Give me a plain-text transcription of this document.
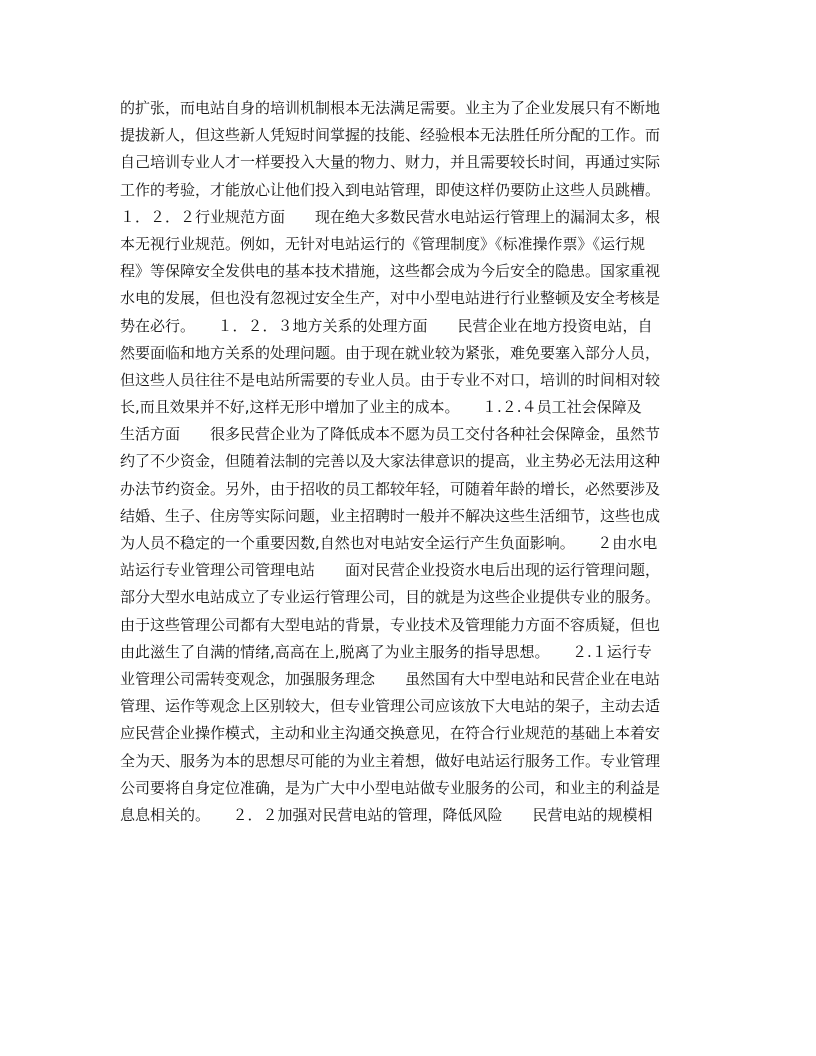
的扩张，而电站自身的培训机制根本无法满足需要。业主为了企业发展只有不断地
提拔新人，但这些新人凭短时间掌握的技能、经验根本无法胜任所分配的工作。而
自己培训专业人才一样要投入大量的物力、财力，并且需要较长时间，再通过实际
工作的考验，才能放心让他们投入到电站管理，即使这样仍要防止这些人员跳槽。
１．２．２行业规范方面　　现在绝大多数民营水电站运行管理上的漏洞太多，根
本无视行业规范。例如，无针对电站运行的《管理制度》《标准操作票》《运行规
程》等保障安全发供电的基本技术措施，这些都会成为今后安全的隐患。国家重视
水电的发展，但也没有忽视过安全生产，对中小型电站进行行业整顿及安全考核是
势在必行。　　１．２．３地方关系的处理方面　　民营企业在地方投资电站，自
然要面临和地方关系的处理问题。由于现在就业较为紧张，难免要塞入部分人员，
但这些人员往往不是电站所需要的专业人员。由于专业不对口，培训的时间相对较
长,而且效果并不好,这样无形中增加了业主的成本。　　１.２.４员工社会保障及
生活方面　　很多民营企业为了降低成本不愿为员工交付各种社会保障金，虽然节
约了不少资金，但随着法制的完善以及大家法律意识的提高，业主势必无法用这种
办法节约资金。另外，由于招收的员工都较年轻，可随着年龄的增长，必然要涉及
结婚、生子、住房等实际问题，业主招聘时一般并不解决这些生活细节，这些也成
为人员不稳定的一个重要因数,自然也对电站安全运行产生负面影响。　　２由水电
站运行专业管理公司管理电站　　面对民营企业投资水电后出现的运行管理问题，
部分大型水电站成立了专业运行管理公司，目的就是为这些企业提供专业的服务。
由于这些管理公司都有大型电站的背景，专业技术及管理能力方面不容质疑，但也
由此滋生了自满的情绪,高高在上,脱离了为业主服务的指导思想。　　２.１运行专
业管理公司需转变观念，加强服务理念　　虽然国有大中型电站和民营企业在电站
管理、运作等观念上区别较大，但专业管理公司应该放下大电站的架子，主动去适
应民营企业操作模式，主动和业主沟通交换意见，在符合行业规范的基础上本着安
全为天、服务为本的思想尽可能的为业主着想，做好电站运行服务工作。专业管理
公司要将自身定位准确，是为广大中小型电站做专业服务的公司，和业主的利益是
息息相关的。　　２．２加强对民营电站的管理，降低风险　　民营电站的规模相
